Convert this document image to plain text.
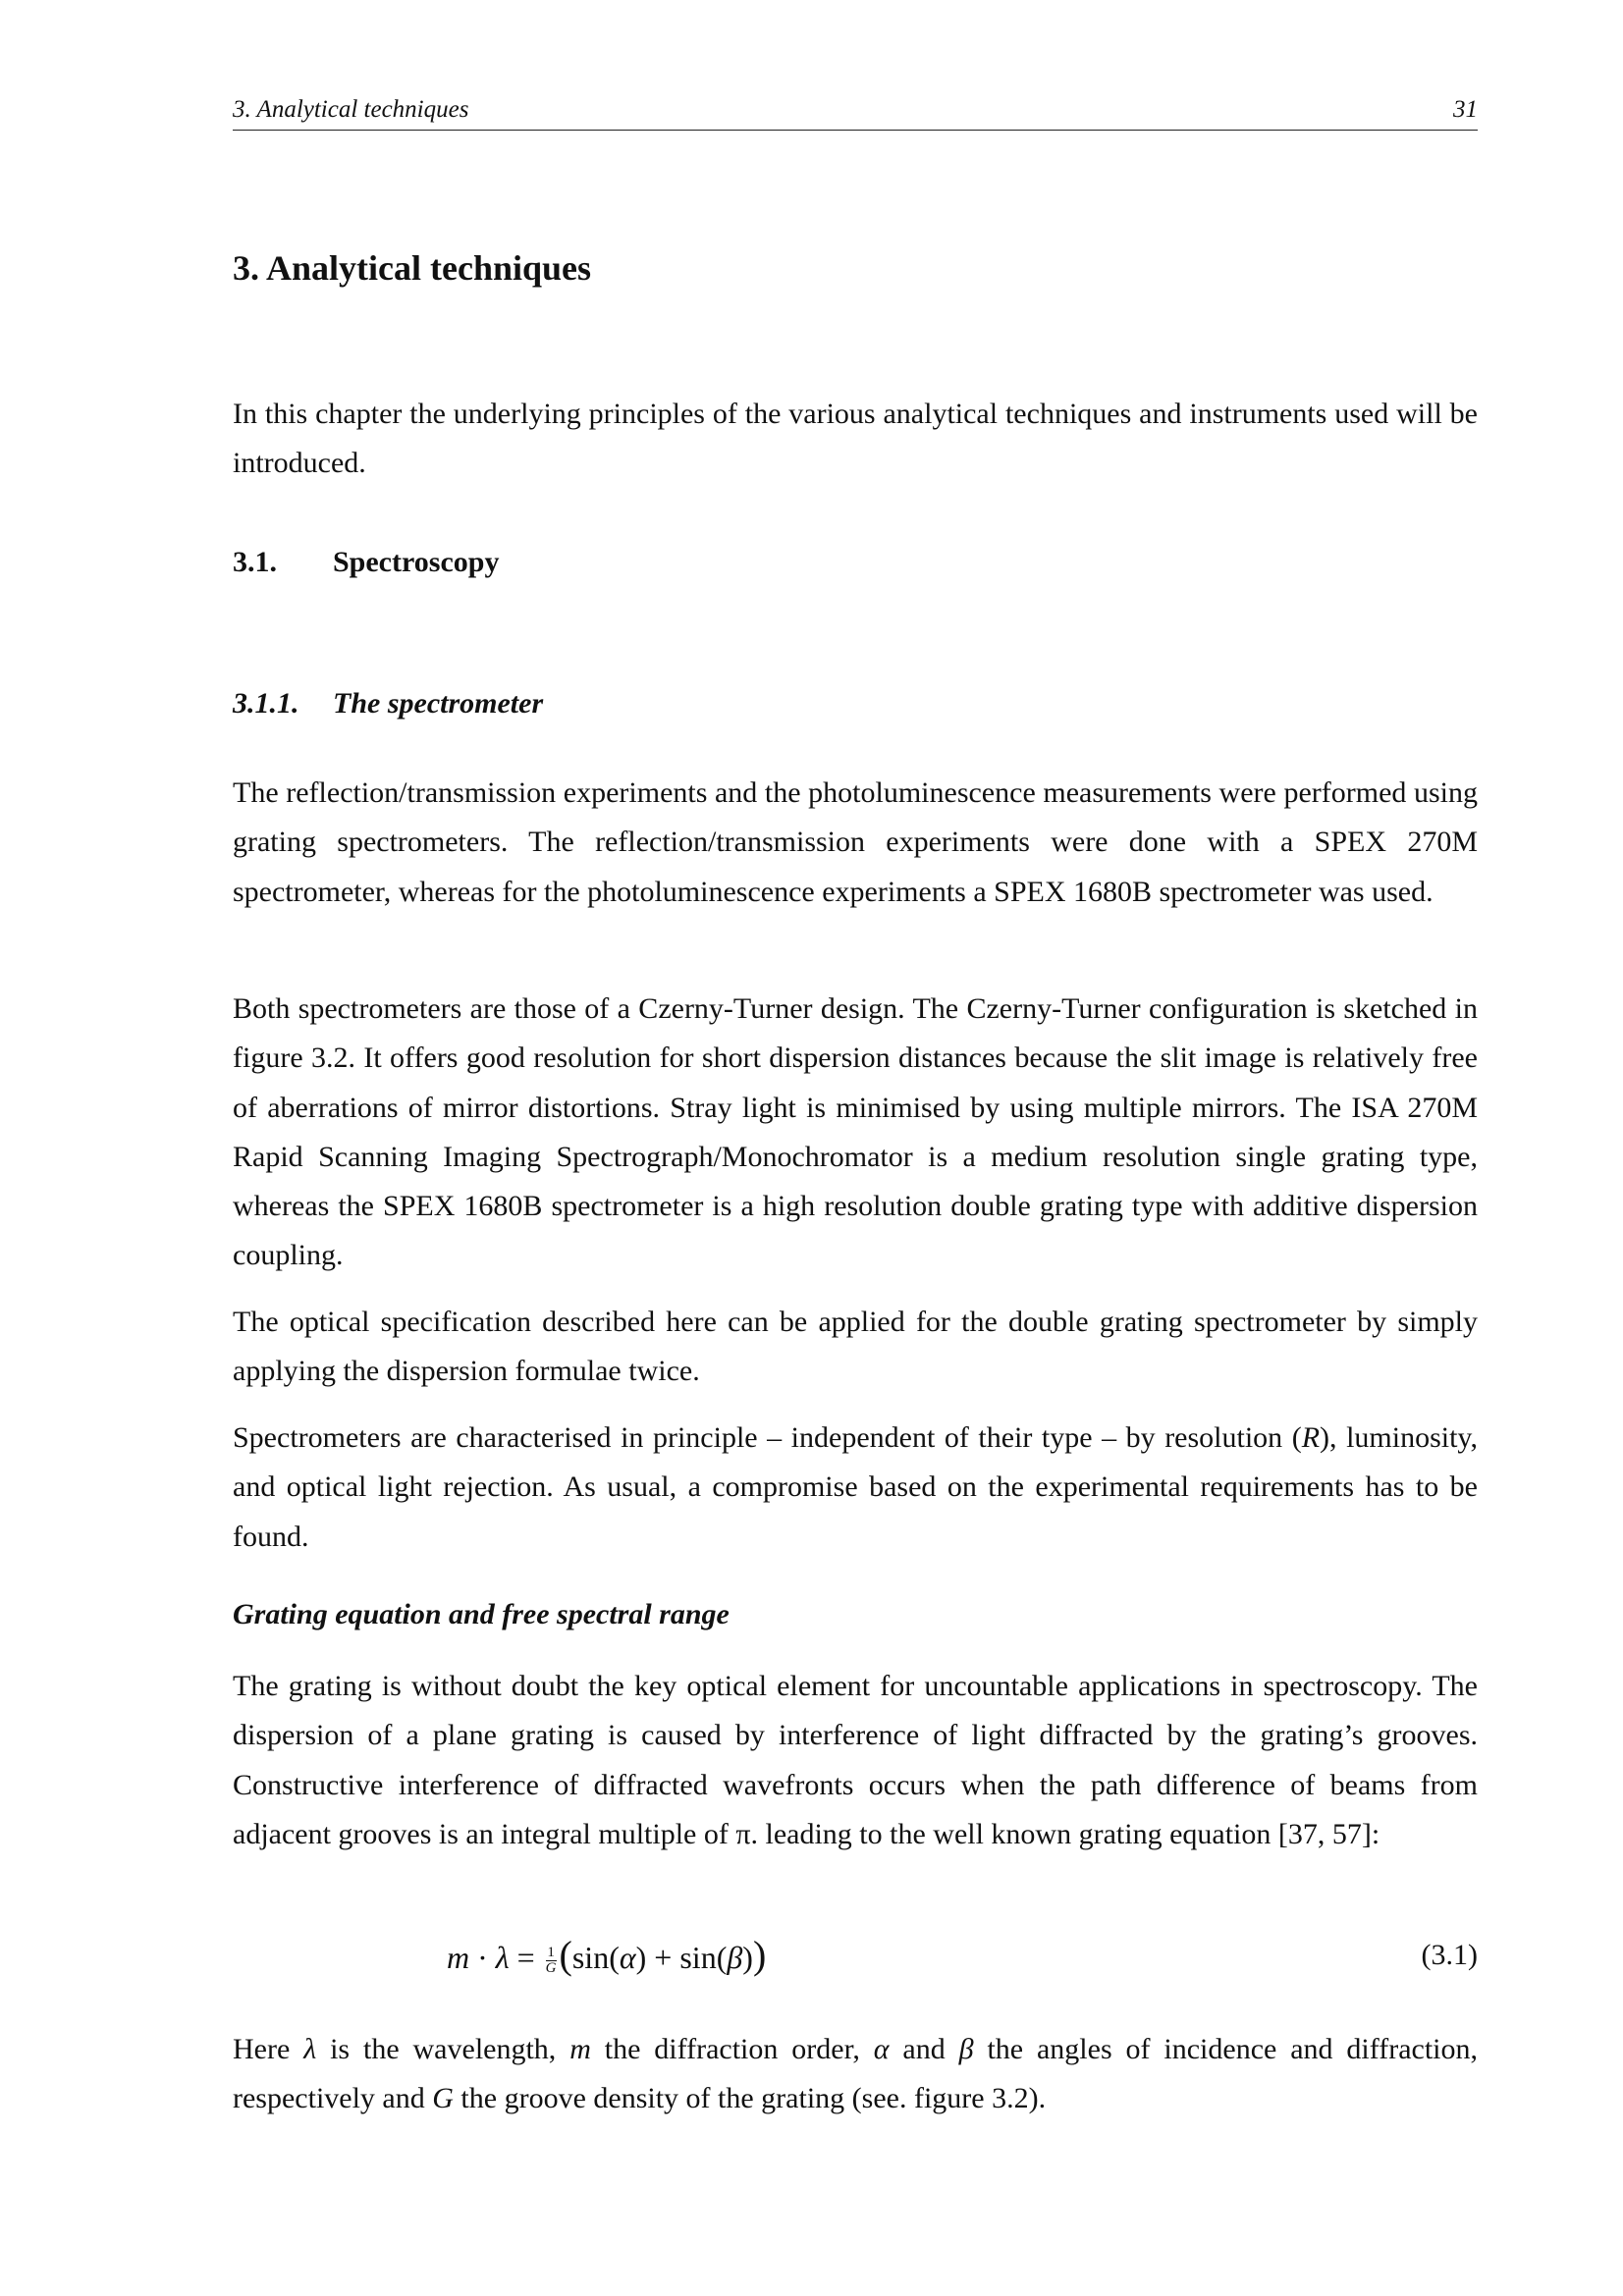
3. Analytical techniques	31
3. Analytical techniques

In this chapter the underlying principles of the various analytical techniques and instruments used will be introduced.

3.1. Spectroscopy
3.1.1. The spectrometer

The reflection/transmission experiments and the photoluminescence measurements were performed using grating spectrometers. The reflection/transmission experiments were done with a SPEX 270M spectrometer, whereas for the photoluminescence experiments a SPEX 1680B spectrometer was used.

Both spectrometers are those of a Czerny-Turner design. The Czerny-Turner configuration is sketched in figure 3.2. It offers good resolution for short dispersion distances because the slit image is relatively free of aberrations of mirror distortions. Stray light is minimised by using multiple mirrors. The ISA 270M Rapid Scanning Imaging Spectrograph/Monochromator is a medium resolution single grating type, whereas the SPEX 1680B spectrometer is a high resolution double grating type with additive dispersion coupling.

The optical specification described here can be applied for the double grating spectrometer by simply applying the dispersion formulae twice.

Spectrometers are characterised in principle – independent of their type – by resolution (R), luminosity, and optical light rejection. As usual, a compromise based on the experimental requirements has to be found.

Grating equation and free spectral range

The grating is without doubt the key optical element for uncountable applications in spectroscopy. The dispersion of a plane grating is caused by interference of light diffracted by the grating’s grooves. Constructive interference of diffracted wavefronts occurs when the path difference of beams from adjacent grooves is an integral multiple of π. leading to the well known grating equation [37, 57]:

$m \cdot \lambda = \frac{1}{G} (\sin(\alpha) + \sin(\beta))$	(3.1)

Here λ is the wavelength, m the diffraction order, α and β the angles of incidence and diffraction, respectively and G the groove density of the grating (see. figure 3.2).
